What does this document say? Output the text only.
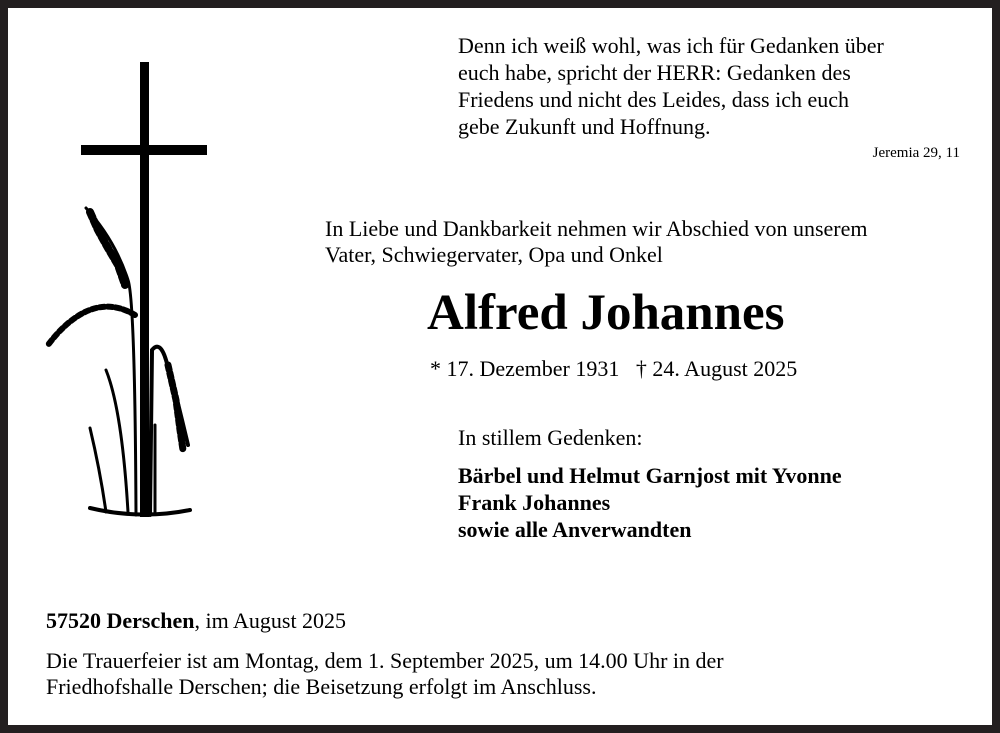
Denn ich weiß wohl, was ich für Gedanken über
euch habe, spricht der HERR: Gedanken des
Friedens und nicht des Leides, dass ich euch
gebe Zukunft und Hoffnung.
Jeremia 29, 11
In Liebe und Dankbarkeit nehmen wir Abschied von unserem
Vater, Schwiegervater, Opa und Onkel
Alfred Johannes
* 17. Dezember 1931 † 24. August 2025
In stillem Gedenken:
Bärbel und Helmut Garnjost mit Yvonne
Frank Johannes
sowie alle Anverwandten
57520 Derschen, im August 2025
Die Trauerfeier ist am Montag, dem 1. September 2025, um 14.00 Uhr in der
Friedhofshalle Derschen; die Beisetzung erfolgt im Anschluss.
